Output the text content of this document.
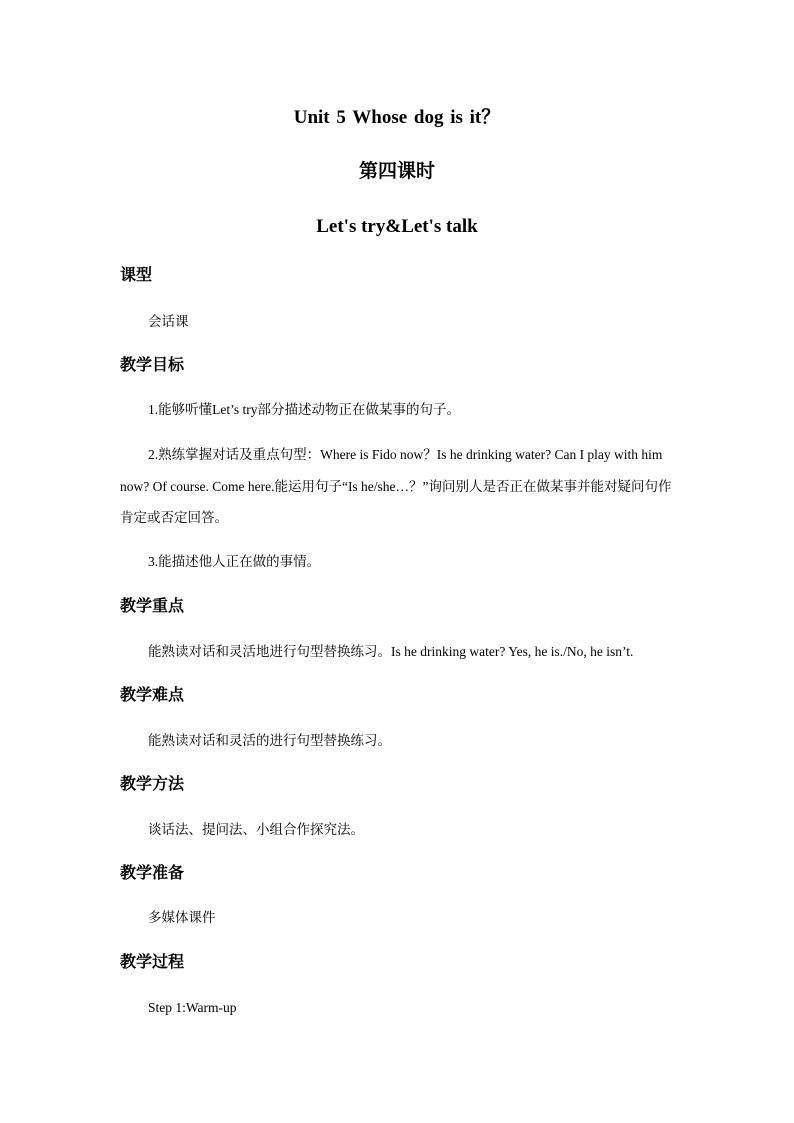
Unit 5 Whose dog is it？
第四课时
Let's try&Let's talk
课型

会话课

教学目标

1.能够听懂Let’s try部分描述动物正在做某事的句子。

2.熟练掌握对话及重点句型：Where is Fido now？Is he drinking water? Can I play with him now? Of course. Come here.能运用句子“Is he/she…？”询问别人是否正在做某事并能对疑问句作肯定或否定回答。

3.能描述他人正在做的事情。

教学重点

能熟读对话和灵活地进行句型替换练习。Is he drinking water? Yes, he is./No, he isn’t.

教学难点

能熟读对话和灵活的进行句型替换练习。

教学方法

谈话法、提问法、小组合作探究法。

教学准备

多媒体课件

教学过程

Step 1:Warm-up
